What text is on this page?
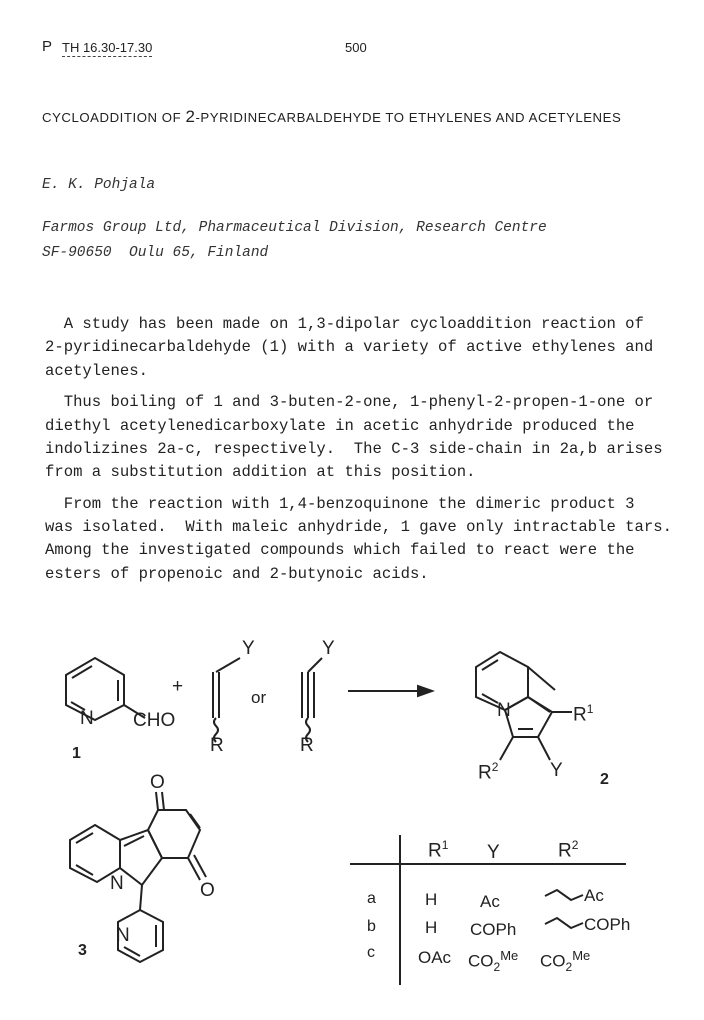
P TH 16.30-17.30	500
CYCLOADDITION OF 2-PYRIDINECARBALDEHYDE TO ETHYLENES AND ACETYLENES
E. K. Pohjala
Farmos Group Ltd, Pharmaceutical Division, Research Centre
SF-90650  Oulu 65, Finland
A study has been made on 1,3-dipolar cycloaddition reaction of
2-pyridinecarbaldehyde (1) with a variety of active ethylenes and
acetylenes.
Thus boiling of 1 and 3-buten-2-one, 1-phenyl-2-propen-1-one or
diethyl acetylenedicarboxylate in acetic anhydride produced the
indolizines 2a-c, respectively.  The C-3 side-chain in 2a,b arises
from a substitution addition at this position.
From the reaction with 1,4-benzoquinone the dimeric product 3
was isolated.  With maleic anhydride, 1 gave only intractable tars.
Among the investigated compounds which failed to react were the
esters of propenoic and 2-butynoic acids.
N CHO
1
+
Y
R
or
Y
R
N	$R^1$
$R^2$	Y 2
O
O
N
N
3
$R^1$ Y	$R^2$
a	H	Ac	Ac
b	H COPh	COPh
c	OAc $CO_2^{Me}$ $CO_2^{Me}$
